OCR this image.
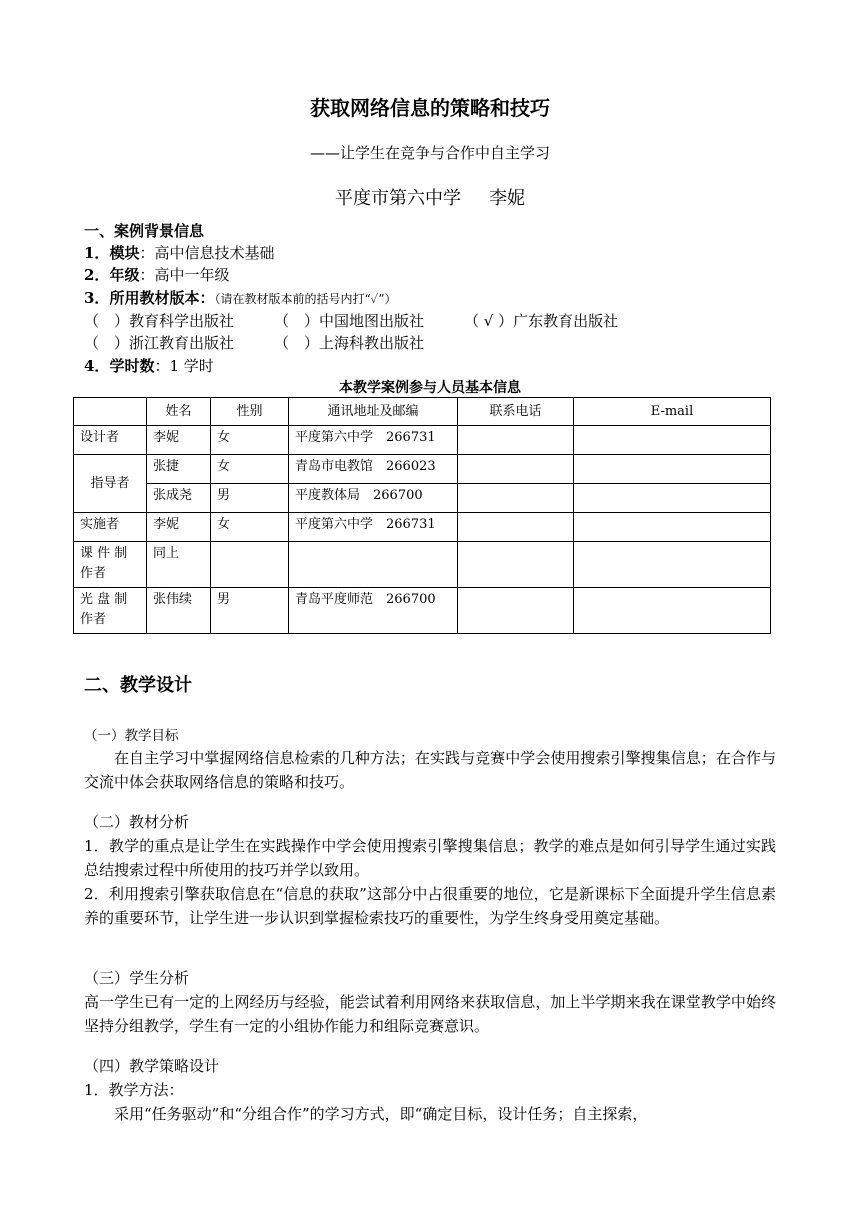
获取网络信息的策略和技巧
——让学生在竞争与合作中自主学习
平度市第六中学 李妮
一、案例背景信息
1．模块：高中信息技术基础
2．年级：高中一年级
3．所用教材版本：（请在教材版本前的括号内打“✓”）
（　）教育科学出版社	（　）中国地图出版社	（ √ ）广东教育出版社
（　）浙江教育出版社	（　）上海科教出版社
4．学时数：1 学时
本教学案例参与人员基本信息
	姓名	性别	通讯地址及邮编	联系电话	E-mail
设计者	李妮	女	平度第六中学　266731		
指导者	张捷	女	青岛市电教馆　266023		
	张成尧	男	平度教体局　266700		
实施者	李妮	女	平度第六中学　266731		
课 件 制作者	同上				
光 盘 制作者	张伟续	男	青岛平度师范　266700		
二、教学设计
（一）教学目标
在自主学习中掌握网络信息检索的几种方法；在实践与竞赛中学会使用搜索引擎搜集信息；在合作与交流中体会获取网络信息的策略和技巧。
（二）教材分析
1．教学的重点是让学生在实践操作中学会使用搜索引擎搜集信息；教学的难点是如何引导学生通过实践总结搜索过程中所使用的技巧并学以致用。
2．利用搜索引擎获取信息在“信息的获取”这部分中占很重要的地位，它是新课标下全面提升学生信息素养的重要环节，让学生进一步认识到掌握检索技巧的重要性，为学生终身受用奠定基础。
（三）学生分析
高一学生已有一定的上网经历与经验，能尝试着利用网络来获取信息，加上半学期来我在课堂教学中始终坚持分组教学，学生有一定的小组协作能力和组际竞赛意识。
（四）教学策略设计
1．教学方法：
采用“任务驱动”和“分组合作”的学习方式，即“确定目标，设计任务；自主探索，
